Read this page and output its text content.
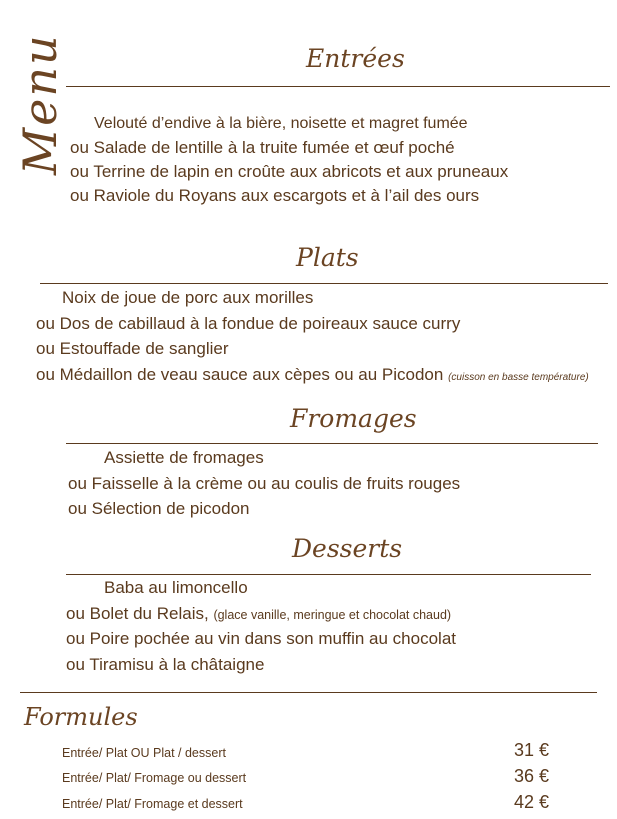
Menu	Entrées
Velouté d’endive à la bière, noisette et magret fumée
ou Salade de lentille à la truite fumée et œuf poché
ou Terrine de lapin en croûte aux abricots et aux pruneaux
ou Raviole du Royans aux escargots et à l’ail des ours
Plats
Noix de joue de porc aux morilles
ou Dos de cabillaud à la fondue de poireaux sauce curry
ou Estouffade de sanglier
ou Médaillon de veau sauce aux cèpes ou au Picodon (cuisson en basse température)
Fromages
Assiette de fromages
ou Faisselle à la crème ou au coulis de fruits rouges
ou Sélection de picodon
Desserts
Baba au limoncello
ou Bolet du Relais, (glace vanille, meringue et chocolat chaud)
ou Poire pochée au vin dans son muffin au chocolat
ou Tiramisu à la châtaigne
Formules
Entrée/ Plat OU Plat / dessert	31 €
Entrée/ Plat/ Fromage ou dessert	36 €
Entrée/ Plat/ Fromage et dessert	42 €
